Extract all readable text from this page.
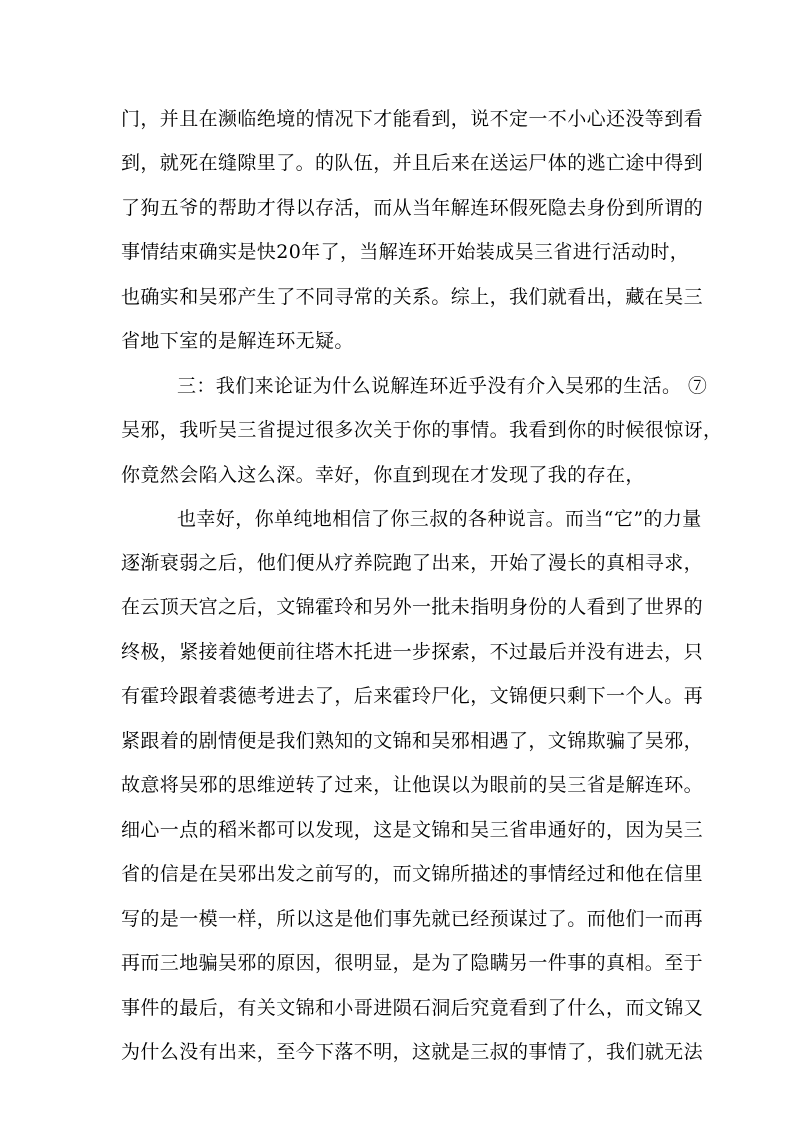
门，并且在濒临绝境的情况下才能看到，说不定一不小心还没等到看
到，就死在缝隙里了。的队伍，并且后来在送运尸体的逃亡途中得到
了狗五爷的帮助才得以存活，而从当年解连环假死隐去身份到所谓的
事情结束确实是快20年了，当解连环开始装成吴三省进行活动时，
也确实和吴邪产生了不同寻常的关系。综上，我们就看出，藏在吴三
省地下室的是解连环无疑。
三：我们来论证为什么说解连环近乎没有介入吴邪的生活。 ⑦
吴邪，我听吴三省提过很多次关于你的事情。我看到你的时候很惊讶，
你竟然会陷入这么深。幸好，你直到现在才发现了我的存在，
也幸好，你单纯地相信了你三叔的各种说言。而当“它”的力量
逐渐衰弱之后，他们便从疗养院跑了出来，开始了漫长的真相寻求，
在云顶天宫之后，文锦霍玲和另外一批未指明身份的人看到了世界的
终极，紧接着她便前往塔木托进一步探索，不过最后并没有进去，只
有霍玲跟着裘德考进去了，后来霍玲尸化，文锦便只剩下一个人。再
紧跟着的剧情便是我们熟知的文锦和吴邪相遇了，文锦欺骗了吴邪，
故意将吴邪的思维逆转了过来，让他误以为眼前的吴三省是解连环。
细心一点的稻米都可以发现，这是文锦和吴三省串通好的，因为吴三
省的信是在吴邪出发之前写的，而文锦所描述的事情经过和他在信里
写的是一模一样，所以这是他们事先就已经预谋过了。而他们一而再
再而三地骗吴邪的原因，很明显，是为了隐瞒另一件事的真相。至于
事件的最后，有关文锦和小哥进陨石洞后究竟看到了什么，而文锦又
为什么没有出来，至今下落不明，这就是三叔的事情了，我们就无法
